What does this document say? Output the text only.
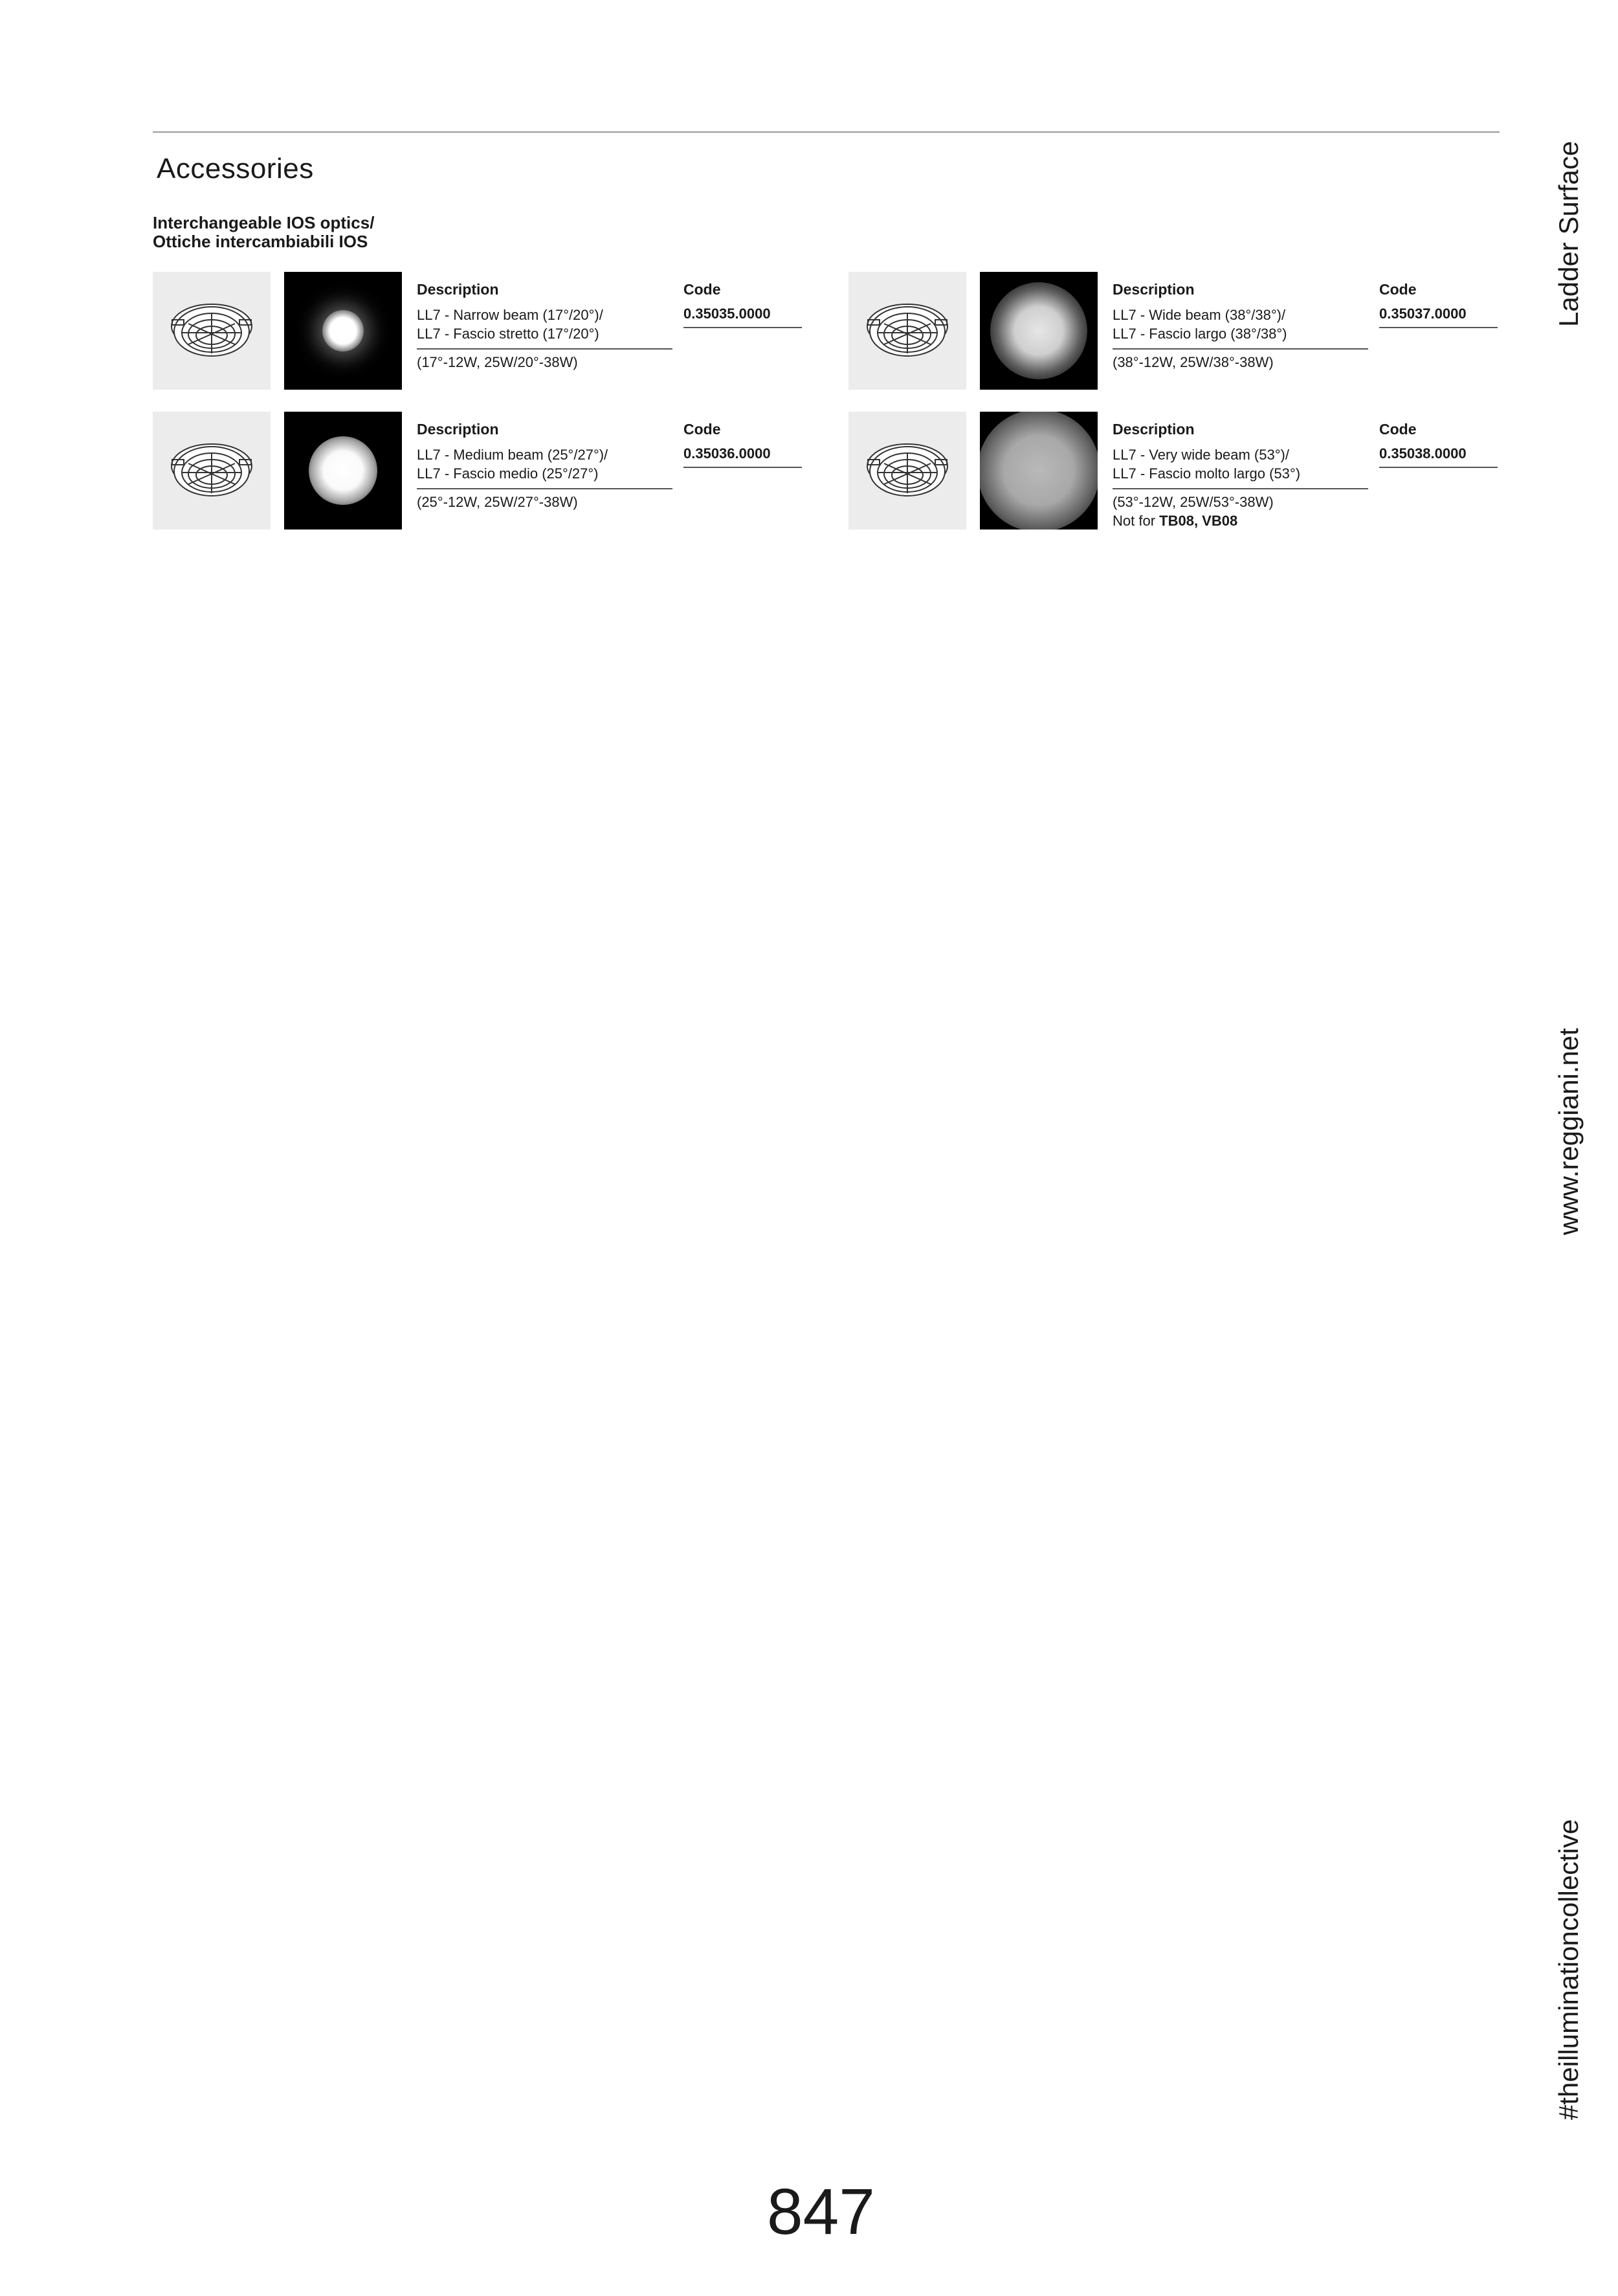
Accessories
Interchangeable IOS optics/
Ottiche intercambiabili IOS
Description
LL7 - Narrow beam (17°/20°)/
LL7 - Fascio stretto (17°/20°)
(17°-12W, 25W/20°-38W)
Code
0.35035.0000
Description
LL7 - Wide beam (38°/38°)/
LL7 - Fascio largo (38°/38°)
(38°-12W, 25W/38°-38W)
Code
0.35037.0000
Description
LL7 - Medium beam (25°/27°)/
LL7 - Fascio medio (25°/27°)
(25°-12W, 25W/27°-38W)
Code
0.35036.0000
Description
LL7 - Very wide beam (53°)/
LL7 - Fascio molto largo (53°)
(53°-12W, 25W/53°-38W)
Not for TB08, VB08
Code
0.35038.0000
Ladder Surface
www.reggiani.net
#theilluminationcollective
847
